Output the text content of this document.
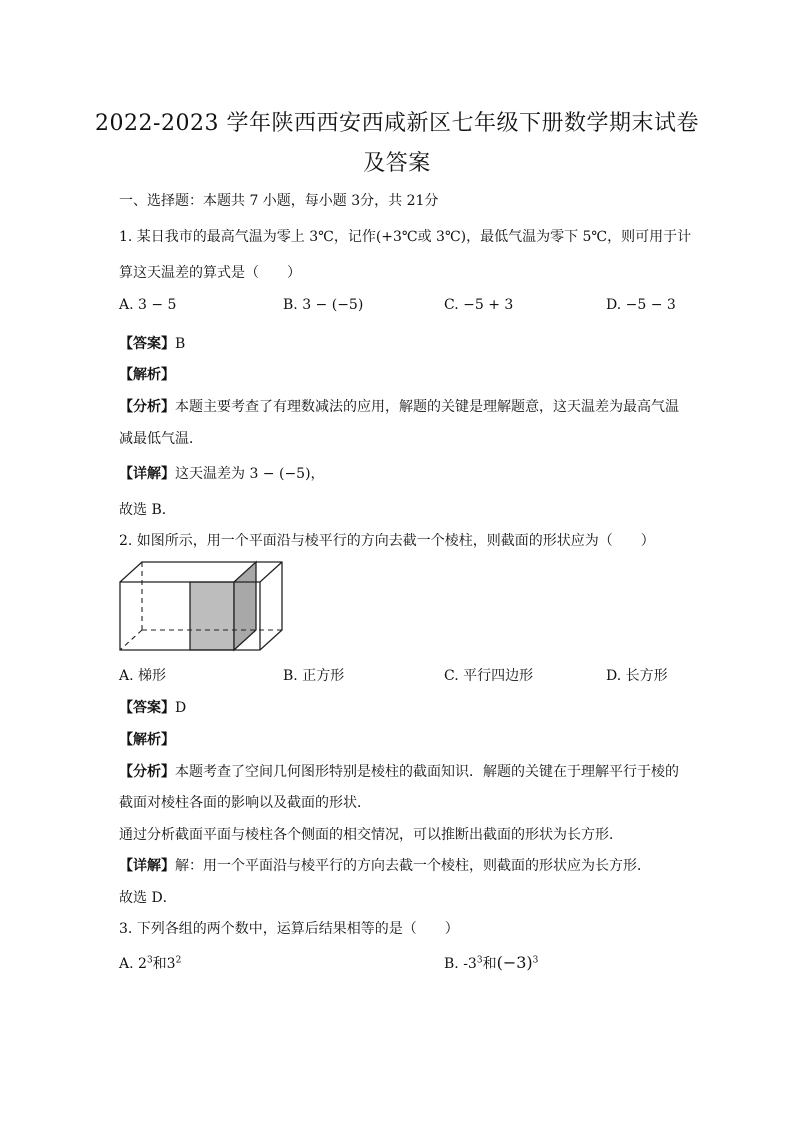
2022-2023 学年陕西西安西咸新区七年级下册数学期末试卷
及答案
一、选择题：本题共 7 小题，每小题 3分，共 21分
1. 某日我市的最高气温为零上 3℃，记作(+3℃或 3℃)，最低气温为零下 5℃，则可用于计
算这天温差的算式是（　　）
A. 3 − 5	B. 3 − (−5)	C. −5 + 3	D. −5 − 3
【答案】B
【解析】
【分析】本题主要考查了有理数减法的应用，解题的关键是理解题意，这天温差为最高气温
减最低气温．
【详解】这天温差为 3 − (−5)，
故选 B．
2. 如图所示，用一个平面沿与棱平行的方向去截一个棱柱，则截面的形状应为（　　）
A. 梯形	B. 正方形	C. 平行四边形	D. 长方形
【答案】D
【解析】
【分析】本题考查了空间几何图形特别是棱柱的截面知识．解题的关键在于理解平行于棱的
截面对棱柱各面的影响以及截面的形状．
通过分析截面平面与棱柱各个侧面的相交情况，可以推断出截面的形状为长方形．
【详解】解：用一个平面沿与棱平行的方向去截一个棱柱，则截面的形状应为长方形．
故选 D．
3. 下列各组的两个数中，运算后结果相等的是（　　）
A. $2^3$和$3^2$	B. $-3^3$和$(-3)^3$
